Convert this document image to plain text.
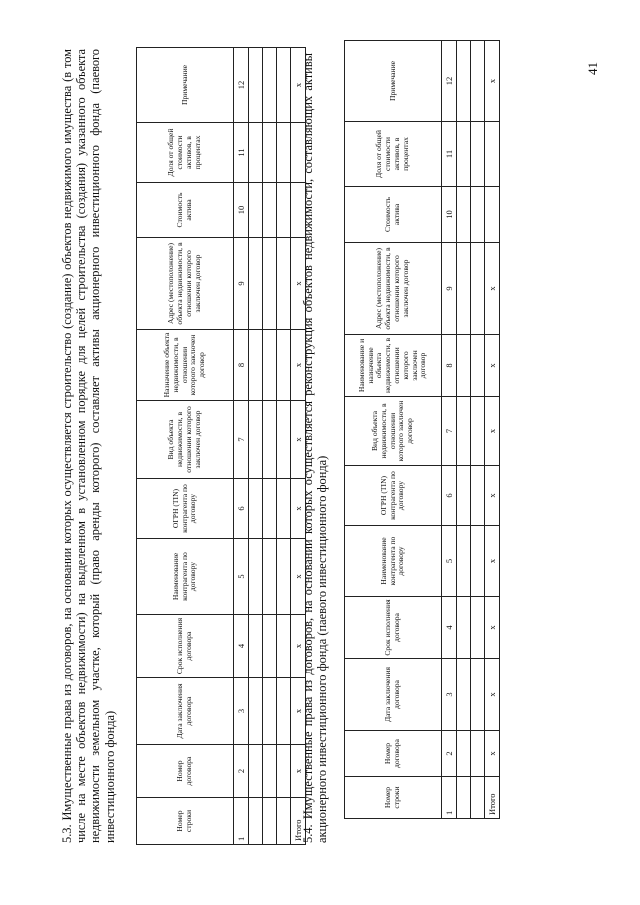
41

5.3. Имущественные права из договоров, на основании которых осуществляется строительство (создание) объектов недвижимого имущества (в том числе на месте объектов недвижимости) на выделенном в установленном порядке для целей строительства (создания) указанного объекта недвижимости земельном участке, который (право аренды которого) составляет активы акционерного инвестиционного фонда (паевого инвестиционного фонда)	Номер строки	Номер договора	Дата заключения договора	Срок исполнения договора	Наименование контрагента по договору	ОГРН (TIN) контрагента по договору	Вид объекта недвижимости, в отношении которого заключен договор	Назначение объекта недвижимости, в отношении которого заключен договор	Адрес (местоположение) объекта недвижимости, в отношении которого заключен договор	Стоимость актива	Доля от общей стоимости активов, в процентах	Примечание
1	2	3	4	5	6	7	8	9	10	11	12

Итого	x	x	x	x	x	x	x	x			x

5.4. Имущественные права из договоров, на основании которых осуществляется реконструкция объектов недвижимости, составляющих активы акционерного инвестиционного фонда (паевого инвестиционного фонда)	Номер строки	Номер договора	Дата заключения договора	Срок исполнения договора	Наименование контрагента по договору	ОГРН (TIN) контрагента по договору	Вид объекта недвижимости, в отношении которого заключен договор	Наименование и назначение объекта недвижимости, в отношении которого заключен договор	Адрес (местоположение) объекта недвижимости, в отношении которого заключен договор	Стоимость актива	Доля от общей стоимости активов, в процентах	Примечание
1	2	3	4	5	6	7	8	9	10	11	12

Итого	x	x	x	x	x	x	x	x			x
